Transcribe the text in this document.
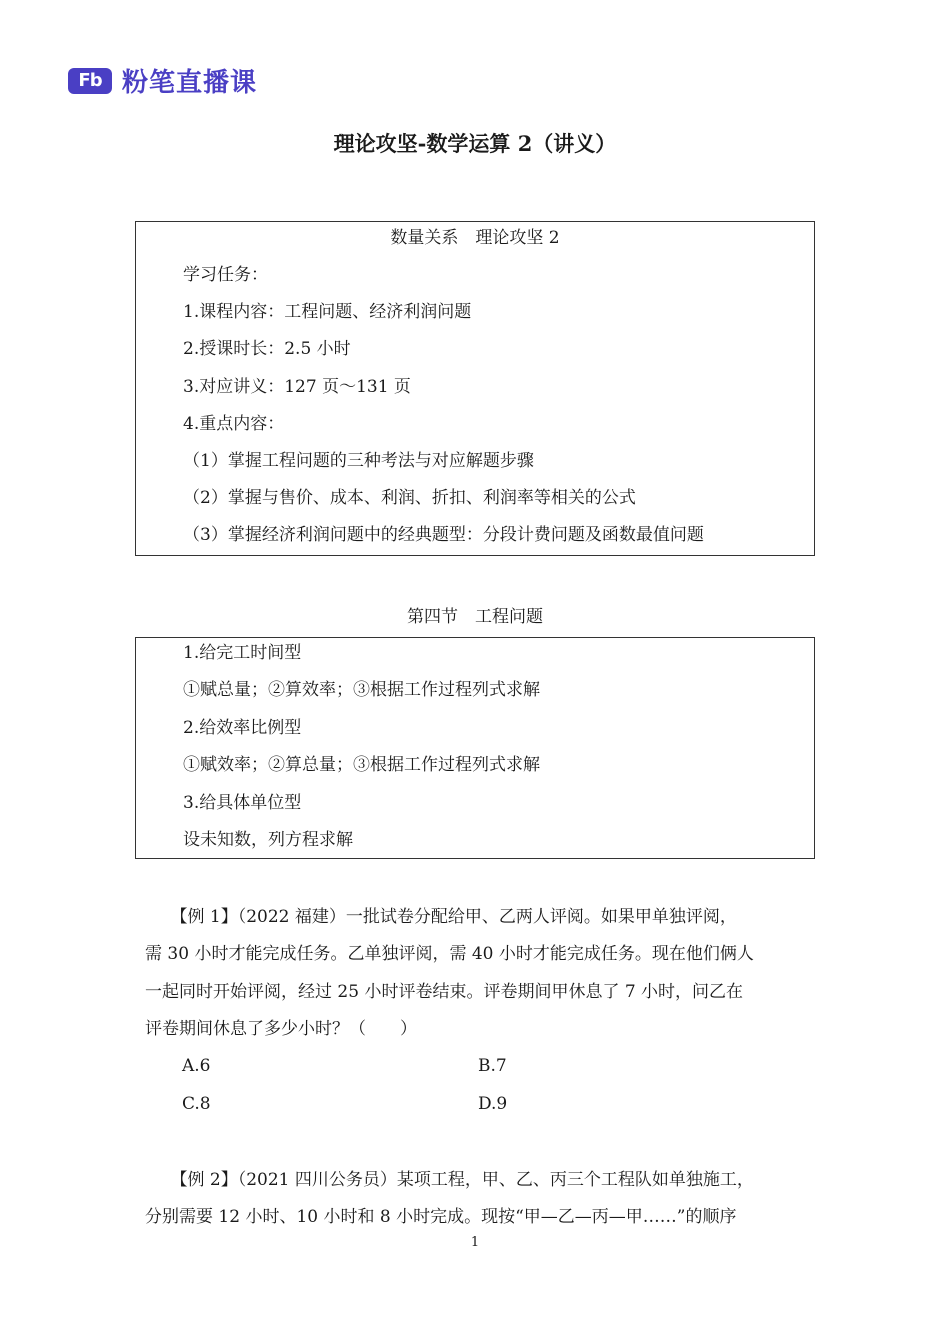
Fb 粉笔直播课
理论攻坚-数学运算 2（讲义）
数量关系　理论攻坚 2
学习任务：
1.课程内容：工程问题、经济利润问题
2.授课时长：2.5 小时
3.对应讲义：127 页～131 页
4.重点内容：
（1）掌握工程问题的三种考法与对应解题步骤
（2）掌握与售价、成本、利润、折扣、利润率等相关的公式
（3）掌握经济利润问题中的经典题型：分段计费问题及函数最值问题
第四节　工程问题
1.给完工时间型
①赋总量；②算效率；③根据工作过程列式求解
2.给效率比例型
①赋效率；②算总量；③根据工作过程列式求解
3.给具体单位型
设未知数，列方程求解
　　【例 1】（2022 福建）一批试卷分配给甲、乙两人评阅。如果甲单独评阅，
需 30 小时才能完成任务。乙单独评阅，需 40 小时才能完成任务。现在他们俩人
一起同时开始评阅，经过 25 小时评卷结束。评卷期间甲休息了 7 小时，问乙在
评卷期间休息了多少小时？（　　）
A.6	B.7
C.8	D.9
　　【例 2】（2021 四川公务员）某项工程，甲、乙、丙三个工程队如单独施工，
分别需要 12 小时、10 小时和 8 小时完成。现按“甲—乙—丙—甲……”的顺序
1
